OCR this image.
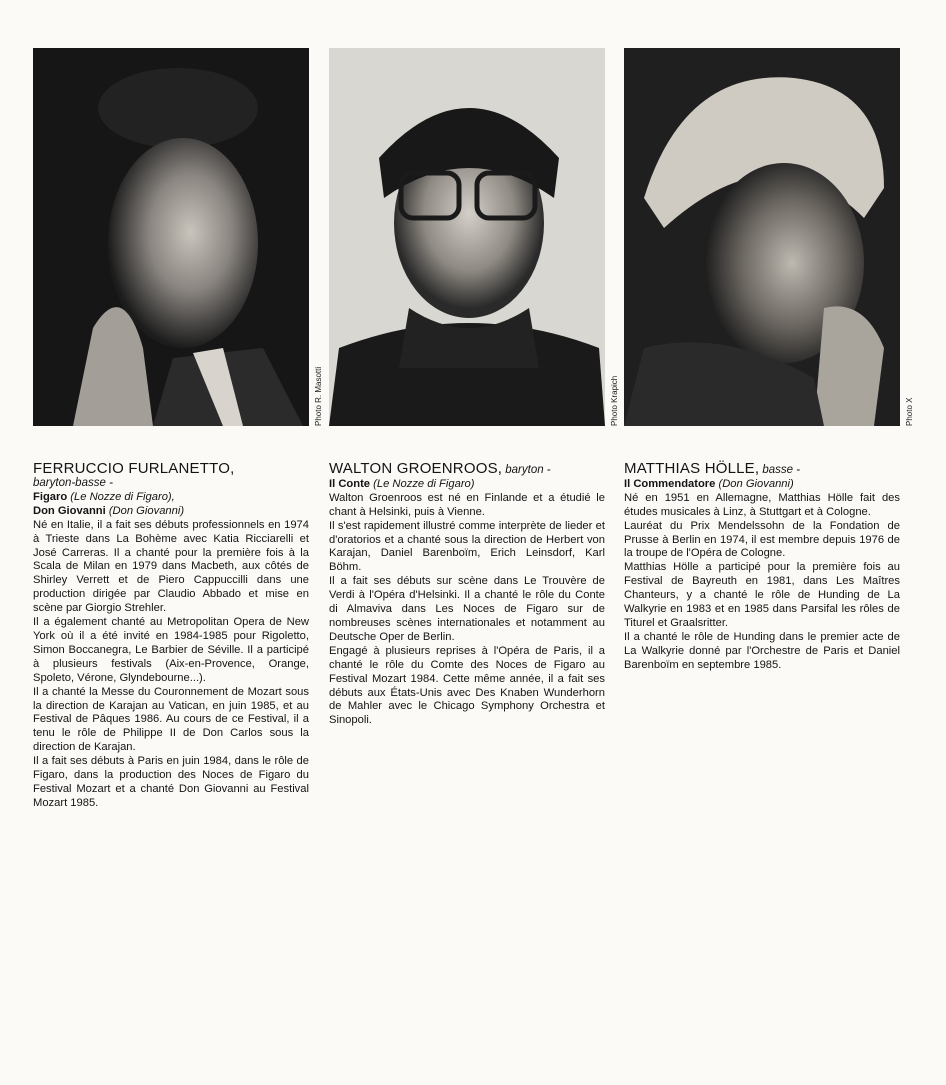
Photo R. Masotti
FERRUCCIO FURLANETTO,
baryton-basse -
Figaro (Le Nozze di Figaro),
Don Giovanni (Don Giovanni)

Né en Italie, il a fait ses débuts professionnels en 1974 à Trieste dans La Bohème avec Katia Ricciarelli et José Carreras. Il a chanté pour la première fois à la Scala de Milan en 1979 dans Macbeth, aux côtés de Shirley Verrett et de Piero Cappuccilli dans une production dirigée par Claudio Abbado et mise en scène par Giorgio Strehler.

Il a également chanté au Metropolitan Opera de New York où il a été invité en 1984-1985 pour Rigoletto, Simon Boccanegra, Le Barbier de Séville. Il a participé à plusieurs festivals (Aix-en-Provence, Orange, Spoleto, Vérone, Glyndebourne...).

Il a chanté la Messe du Couronnement de Mozart sous la direction de Karajan au Vatican, en juin 1985, et au Festival de Pâques 1986. Au cours de ce Festival, il a tenu le rôle de Philippe II de Don Carlos sous la direction de Karajan.

Il a fait ses débuts à Paris en juin 1984, dans le rôle de Figaro, dans la production des Noces de Figaro du Festival Mozart et a chanté Don Giovanni au Festival Mozart 1985.

Photo Krapich
WALTON GROENROOS, baryton -
Il Conte (Le Nozze di Figaro)

Walton Groenroos est né en Finlande et a étudié le chant à Helsinki, puis à Vienne.

Il s'est rapidement illustré comme interprète de lieder et d'oratorios et a chanté sous la direction de Herbert von Karajan, Daniel Barenboïm, Erich Leinsdorf, Karl Böhm.

Il a fait ses débuts sur scène dans Le Trouvère de Verdi à l'Opéra d'Helsinki. Il a chanté le rôle du Conte di Almaviva dans Les Noces de Figaro sur de nombreuses scènes internationales et notamment au Deutsche Oper de Berlin.

Engagé à plusieurs reprises à l'Opéra de Paris, il a chanté le rôle du Comte des Noces de Figaro au Festival Mozart 1984. Cette même année, il a fait ses débuts aux États-Unis avec Des Knaben Wunderhorn de Mahler avec le Chicago Symphony Orchestra et Sinopoli.

Photo X
MATTHIAS HÖLLE, basse -
Il Commendatore (Don Giovanni)

Né en 1951 en Allemagne, Matthias Hölle fait des études musicales à Linz, à Stuttgart et à Cologne.

Lauréat du Prix Mendelssohn de la Fondation de Prusse à Berlin en 1974, il est membre depuis 1976 de la troupe de l'Opéra de Cologne.

Matthias Hölle a participé pour la première fois au Festival de Bayreuth en 1981, dans Les Maîtres Chanteurs, y a chanté le rôle de Hunding de La Walkyrie en 1983 et en 1985 dans Parsifal les rôles de Titurel et Graalsritter.

Il a chanté le rôle de Hunding dans le premier acte de La Walkyrie donné par l'Orchestre de Paris et Daniel Barenboïm en septembre 1985.
